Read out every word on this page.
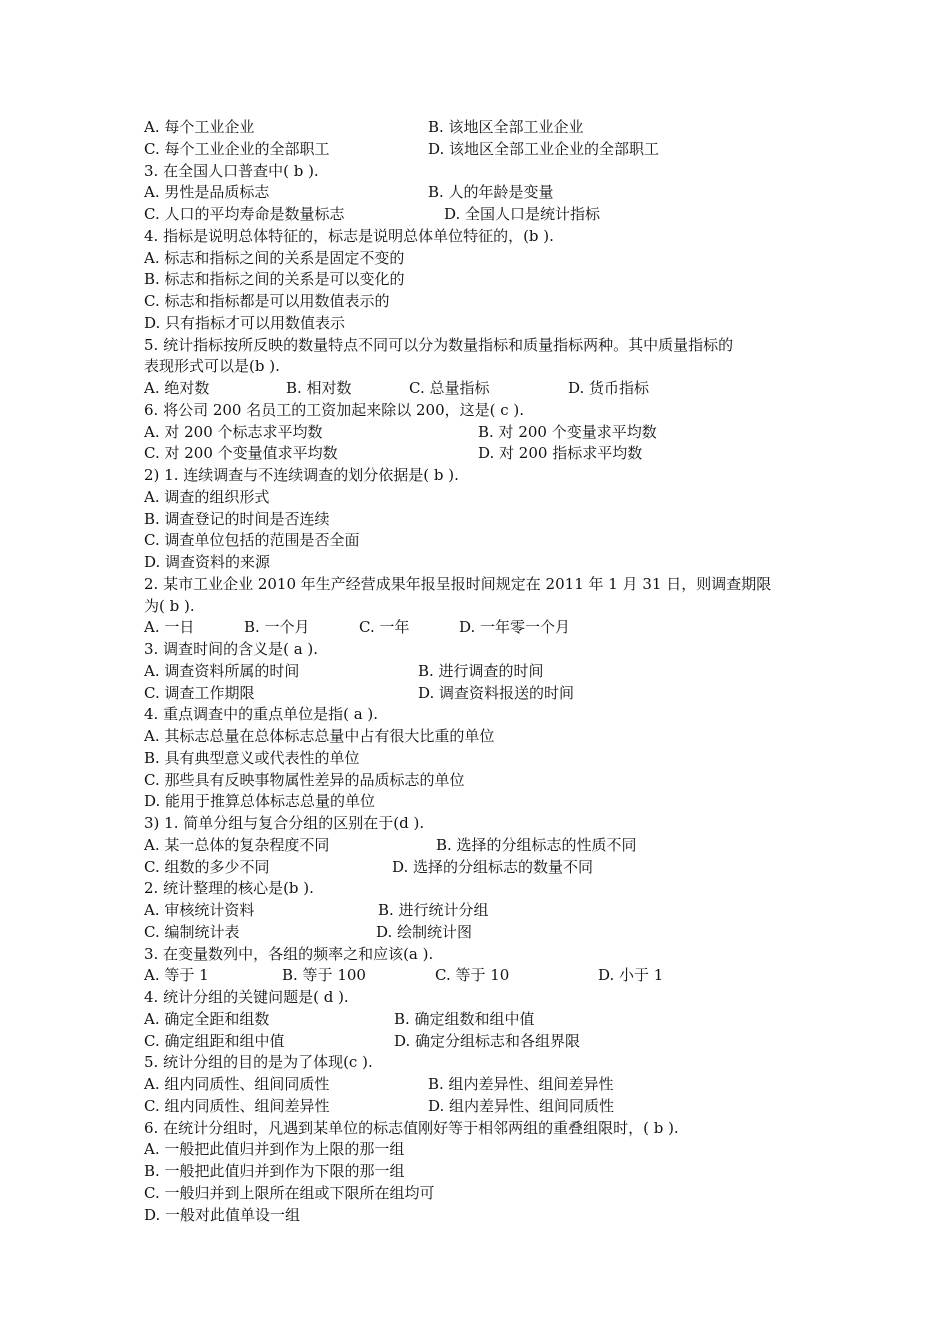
A. 每个工业企业	B. 该地区全部工业企业
C. 每个工业企业的全部职工	D. 该地区全部工业企业的全部职工
3. 在全国人口普查中( b ).
A. 男性是品质标志	B. 人的年龄是变量
C. 人口的平均寿命是数量标志	D. 全国人口是统计指标
4. 指标是说明总体特征的，标志是说明总体单位特征的，(b ).
A. 标志和指标之间的关系是固定不变的
B. 标志和指标之间的关系是可以变化的
C. 标志和指标都是可以用数值表示的
D. 只有指标才可以用数值表示
5. 统计指标按所反映的数量特点不同可以分为数量指标和质量指标两种。其中质量指标的
表现形式可以是(b ).
A. 绝对数	B. 相对数	C. 总量指标	D. 货币指标
6. 将公司 200 名员工的工资加起来除以 200，这是( c ).
A. 对 200 个标志求平均数	B. 对 200 个变量求平均数
C. 对 200 个变量值求平均数	D. 对 200 指标求平均数
2) 1. 连续调查与不连续调查的划分依据是( b ).
A. 调查的组织形式
B. 调查登记的时间是否连续
C. 调查单位包括的范围是否全面
D. 调查资料的来源
2. 某市工业企业 2010 年生产经营成果年报呈报时间规定在 2011 年 1 月 31 日，则调查期限
为( b ).
A. 一日	B. 一个月	C. 一年	D. 一年零一个月
3. 调查时间的含义是( a ).
A. 调查资料所属的时间	B. 进行调查的时间
C. 调查工作期限	D. 调查资料报送的时间
4. 重点调查中的重点单位是指( a ).
A. 其标志总量在总体标志总量中占有很大比重的单位
B. 具有典型意义或代表性的单位
C. 那些具有反映事物属性差异的品质标志的单位
D. 能用于推算总体标志总量的单位
3) 1. 简单分组与复合分组的区别在于(d ).
A. 某一总体的复杂程度不同	B. 选择的分组标志的性质不同
C. 组数的多少不同	D. 选择的分组标志的数量不同
2. 统计整理的核心是(b ).
A. 审核统计资料	B. 进行统计分组
C. 编制统计表	D. 绘制统计图
3. 在变量数列中，各组的频率之和应该(a ).
A. 等于 1	B. 等于 100	C. 等于 10	D. 小于 1
4. 统计分组的关键问题是( d ).
A. 确定全距和组数	B. 确定组数和组中值
C. 确定组距和组中值	D. 确定分组标志和各组界限
5. 统计分组的目的是为了体现(c ).
A. 组内同质性、组间同质性	B. 组内差异性、组间差异性
C. 组内同质性、组间差异性	D. 组内差异性、组间同质性
6. 在统计分组时，凡遇到某单位的标志值刚好等于相邻两组的重叠组限时，( b ).
A. 一般把此值归并到作为上限的那一组
B. 一般把此值归并到作为下限的那一组
C. 一般归并到上限所在组或下限所在组均可
D. 一般对此值单设一组
